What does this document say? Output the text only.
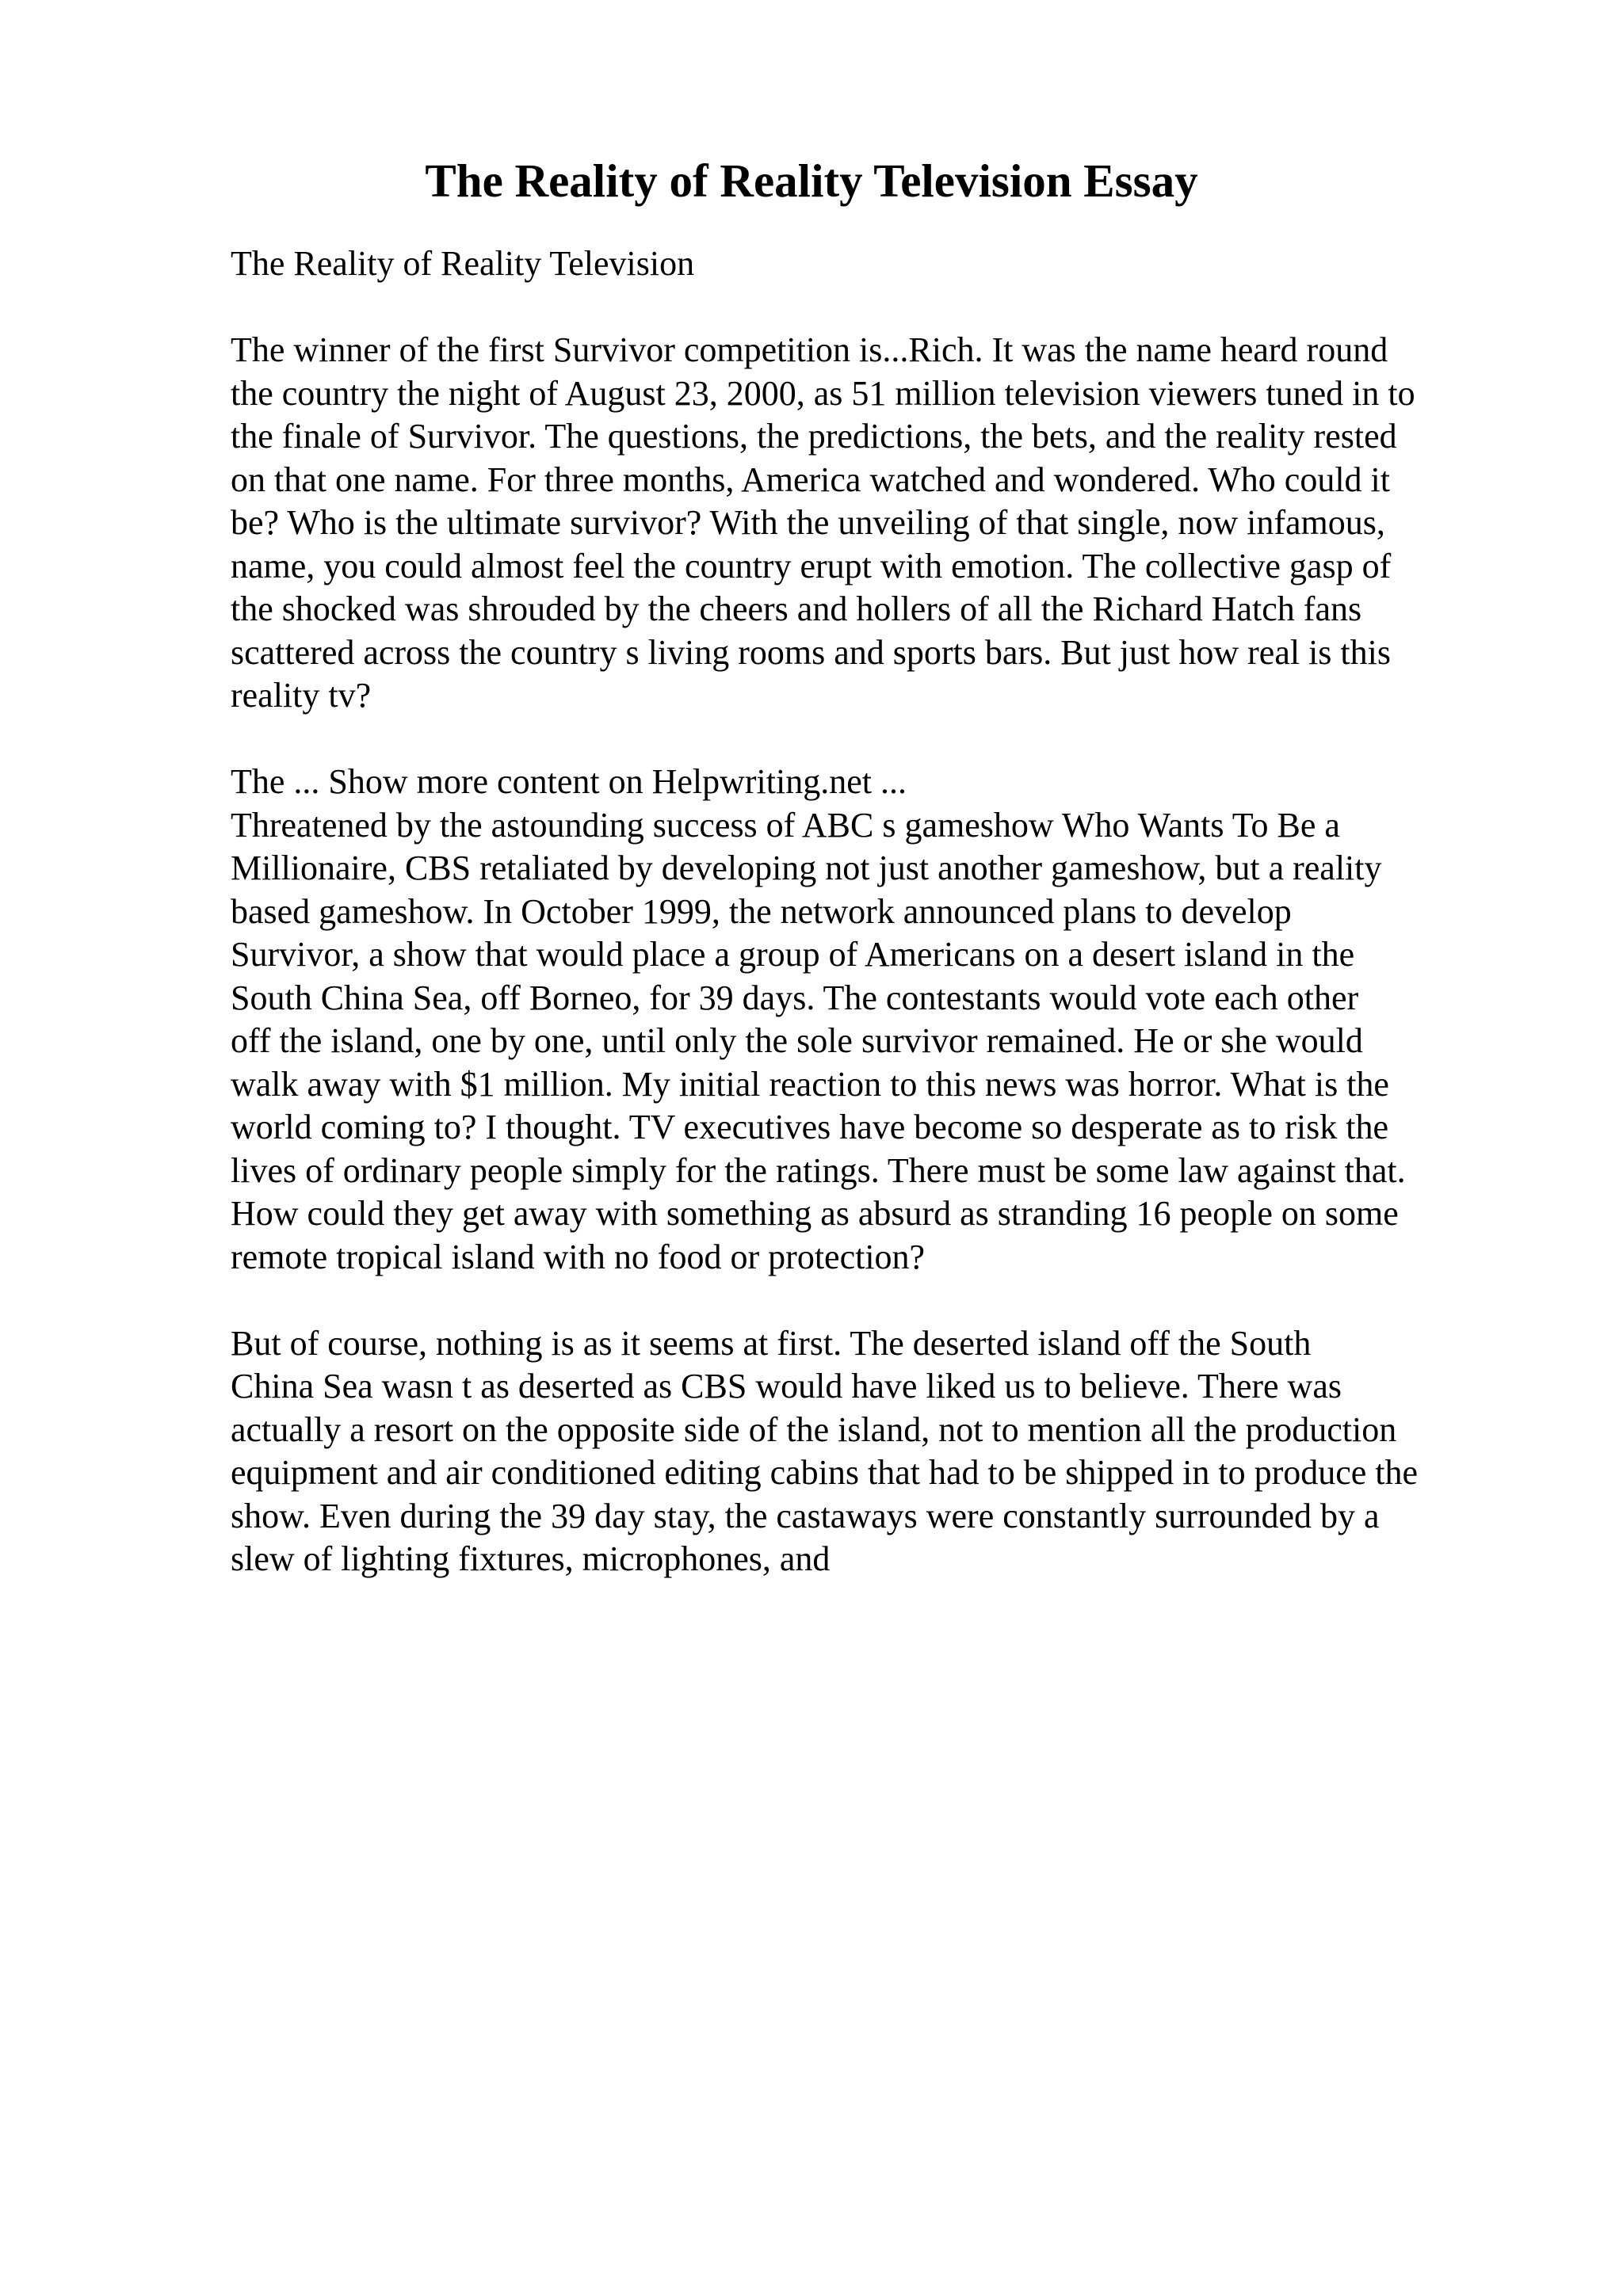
The Reality of Reality Television Essay

The Reality of Reality Television

The winner of the first Survivor competition is...Rich. It was the name heard round
the country the night of August 23, 2000, as 51 million television viewers tuned in to
the finale of Survivor. The questions, the predictions, the bets, and the reality rested
on that one name. For three months, America watched and wondered. Who could it
be? Who is the ultimate survivor? With the unveiling of that single, now infamous,
name, you could almost feel the country erupt with emotion. The collective gasp of
the shocked was shrouded by the cheers and hollers of all the Richard Hatch fans
scattered across the country s living rooms and sports bars. But just how real is this
reality tv?

The ... Show more content on Helpwriting.net ...
Threatened by the astounding success of ABC s gameshow Who Wants To Be a
Millionaire, CBS retaliated by developing not just another gameshow, but a reality
based gameshow. In October 1999, the network announced plans to develop
Survivor, a show that would place a group of Americans on a desert island in the
South China Sea, off Borneo, for 39 days. The contestants would vote each other
off the island, one by one, until only the sole survivor remained. He or she would
walk away with $1 million. My initial reaction to this news was horror. What is the
world coming to? I thought. TV executives have become so desperate as to risk the
lives of ordinary people simply for the ratings. There must be some law against that.
How could they get away with something as absurd as stranding 16 people on some
remote tropical island with no food or protection?

But of course, nothing is as it seems at first. The deserted island off the South
China Sea wasn t as deserted as CBS would have liked us to believe. There was
actually a resort on the opposite side of the island, not to mention all the production
equipment and air conditioned editing cabins that had to be shipped in to produce the
show. Even during the 39 day stay, the castaways were constantly surrounded by a
slew of lighting fixtures, microphones, and
